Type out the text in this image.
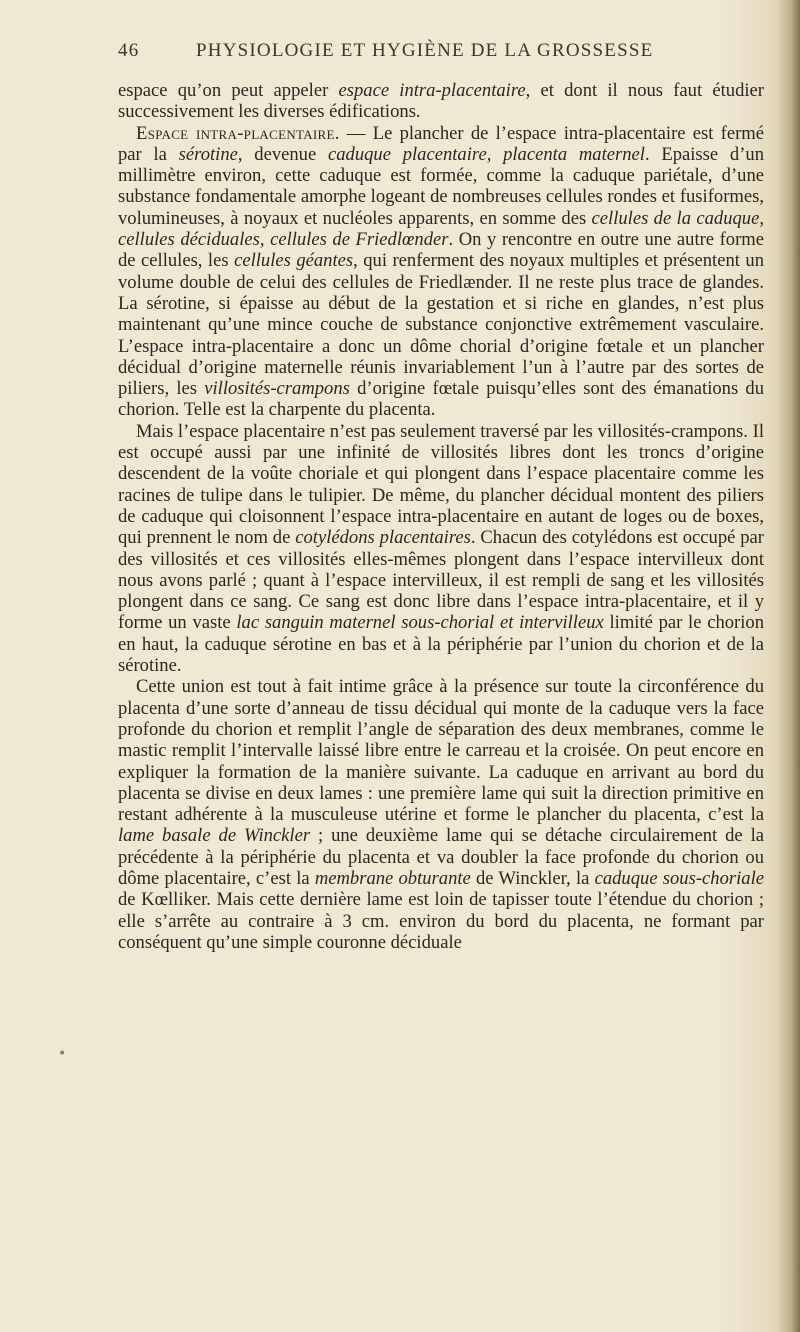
46	PHYSIOLOGIE ET HYGIÈNE DE LA GROSSESSE

espace qu’on peut appeler espace intra-placentaire, et dont il nous faut étudier successivement les diverses édifications.

Espace intra-placentaire. — Le plancher de l’espace intra-placentaire est fermé par la sérotine, devenue caduque placentaire, placenta maternel. Epaisse d’un millimètre environ, cette caduque est formée, comme la caduque pariétale, d’une substance fondamentale amorphe logeant de nombreuses cellules rondes et fusiformes, volumineuses, à noyaux et nucléoles apparents, en somme des cellules de la caduque, cellules déciduales, cellules de Friedlœnder. On y rencontre en outre une autre forme de cellules, les cellules géantes, qui renferment des noyaux multiples et présentent un volume double de celui des cellules de Friedlænder. Il ne reste plus trace de glandes. La sérotine, si épaisse au début de la gestation et si riche en glandes, n’est plus maintenant qu’une mince couche de substance conjonctive extrêmement vasculaire. L’espace intra-placentaire a donc un dôme chorial d’origine fœtale et un plancher décidual d’origine maternelle réunis invariablement l’un à l’autre par des sortes de piliers, les villosités-crampons d’origine fœtale puisqu’elles sont des émanations du chorion. Telle est la charpente du placenta.

Mais l’espace placentaire n’est pas seulement traversé par les villosités-crampons. Il est occupé aussi par une infinité de villosités libres dont les troncs d’origine descendent de la voûte choriale et qui plongent dans l’espace placentaire comme les racines de tulipe dans le tulipier. De même, du plancher décidual montent des piliers de caduque qui cloisonnent l’espace intra-placentaire en autant de loges ou de boxes, qui prennent le nom de cotylédons placentaires. Chacun des cotylédons est occupé par des villosités et ces villosités elles-mêmes plongent dans l’espace intervilleux dont nous avons parlé ; quant à l’espace intervilleux, il est rempli de sang et les villosités plongent dans ce sang. Ce sang est donc libre dans l’espace intra-placentaire, et il y forme un vaste lac sanguin maternel sous-chorial et intervilleux limité par le chorion en haut, la caduque sérotine en bas et à la périphérie par l’union du chorion et de la sérotine.

Cette union est tout à fait intime grâce à la présence sur toute la circonférence du placenta d’une sorte d’anneau de tissu décidual qui monte de la caduque vers la face profonde du chorion et remplit l’angle de séparation des deux membranes, comme le mastic remplit l’intervalle laissé libre entre le carreau et la croisée. On peut encore en expliquer la formation de la manière suivante. La caduque en arrivant au bord du placenta se divise en deux lames : une première lame qui suit la direction primitive en restant adhérente à la musculeuse utérine et forme le plancher du placenta, c’est la lame basale de Winckler ; une deuxième lame qui se détache circulairement de la précédente à la périphérie du placenta et va doubler la face profonde du chorion ou dôme placentaire, c’est la membrane obturante de Winckler, la caduque sous-choriale de Kœlliker. Mais cette dernière lame est loin de tapisser toute l’étendue du chorion ; elle s’arrête au contraire à 3 cm. environ du bord du placenta, ne formant par conséquent qu’une simple couronne déciduale

•
